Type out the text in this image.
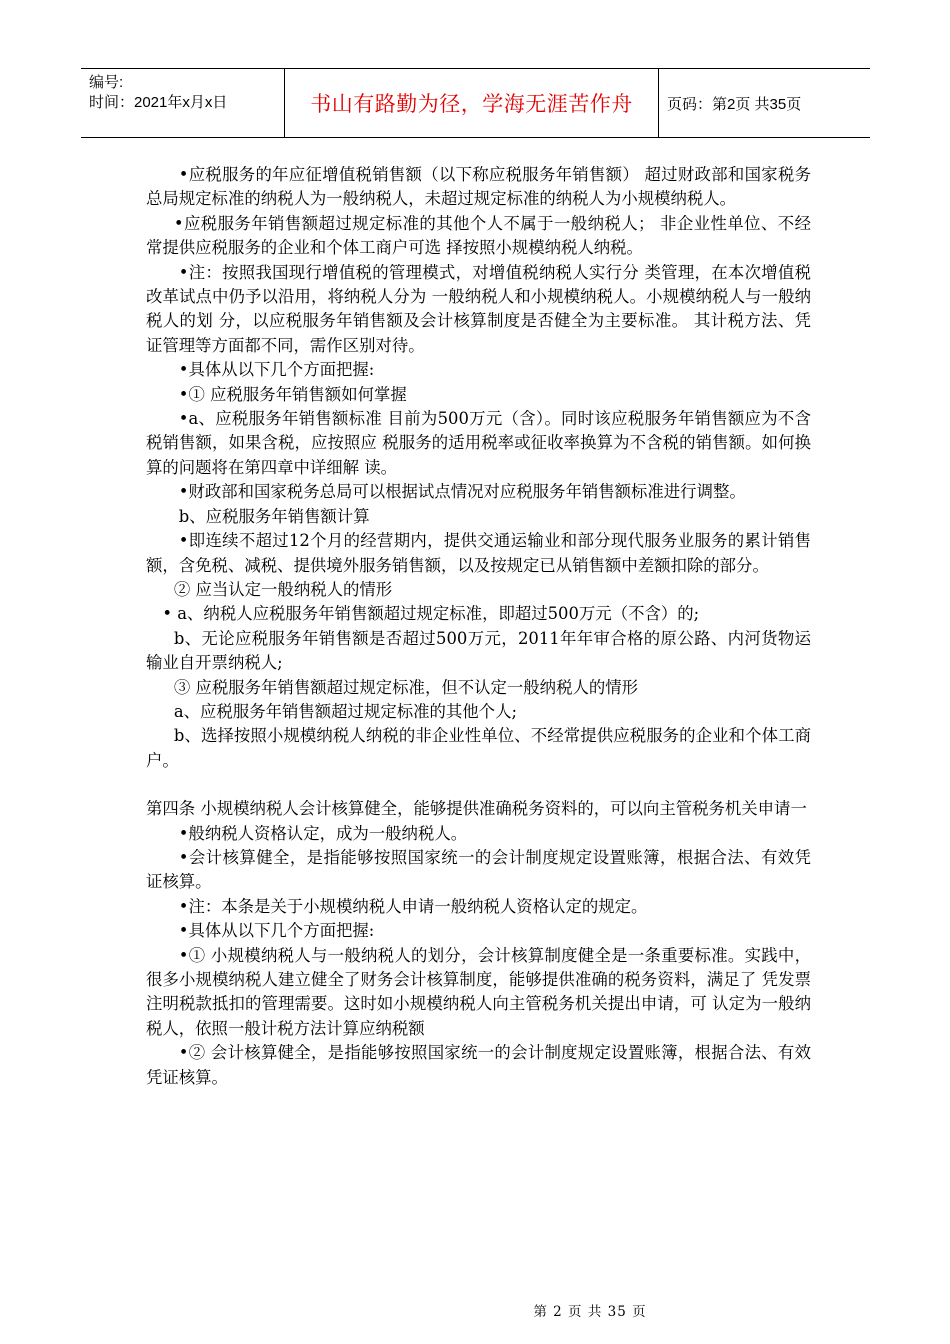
编号:
时间：2021年x月x日	书山有路勤为径，学海无涯苦作舟	页码：第2页 共35页

•应税服务的年应征增值税销售额（以下称应税服务年销售额） 超过财政部和国家税务总局规定标准的纳税人为一般纳税人，未超过规定标准的纳税人为小规模纳税人。

•应税服务年销售额超过规定标准的其他个人不属于一般纳税人； 非企业性单位、不经常提供应税服务的企业和个体工商户可选 择按照小规模纳税人纳税。

•注：按照我国现行增值税的管理模式，对增值税纳税人实行分 类管理，在本次增值税改革试点中仍予以沿用，将纳税人分为 一般纳税人和小规模纳税人。小规模纳税人与一般纳税人的划 分，以应税服务年销售额及会计核算制度是否健全为主要标准。 其计税方法、凭证管理等方面都不同，需作区别对待。

•具体从以下几个方面把握:

•① 应税服务年销售额如何掌握

•a、应税服务年销售额标准 目前为500万元（含）。同时该应税服务年销售额应为不含税销售额，如果含税，应按照应 税服务的适用税率或征收率换算为不含税的销售额。如何换算的问题将在第四章中详细解 读。

•财政部和国家税务总局可以根据试点情况对应税服务年销售额标准进行调整。

b、应税服务年销售额计算

•即连续不超过12个月的经营期内，提供交通运输业和部分现代服务业服务的累计销售额，含免税、减税、提供境外服务销售额，以及按规定已从销售额中差额扣除的部分。

② 应当认定一般纳税人的情形

• a、纳税人应税服务年销售额超过规定标准，即超过500万元（不含）的;

b、无论应税服务年销售额是否超过500万元，2011年年审合格的原公路、内河货物运输业自开票纳税人;

③ 应税服务年销售额超过规定标准，但不认定一般纳税人的情形

a、应税服务年销售额超过规定标准的其他个人;

b、选择按照小规模纳税人纳税的非企业性单位、不经常提供应税服务的企业和个体工商户。

第四条 小规模纳税人会计核算健全，能够提供准确税务资料的，可以向主管税务机关申请一

•般纳税人资格认定，成为一般纳税人。

•会计核算健全，是指能够按照国家统一的会计制度规定设置账簿，根据合法、有效凭证核算。

•注：本条是关于小规模纳税人申请一般纳税人资格认定的规定。

•具体从以下几个方面把握:

•① 小规模纳税人与一般纳税人的划分，会计核算制度健全是一条重要标准。实践中， 很多小规模纳税人建立健全了财务会计核算制度，能够提供准确的税务资料，满足了 凭发票注明税款抵扣的管理需要。这时如小规模纳税人向主管税务机关提出申请，可 认定为一般纳税人，依照一般计税方法计算应纳税额

•② 会计核算健全，是指能够按照国家统一的会计制度规定设置账簿，根据合法、有效 凭证核算。

第 2 页 共 35 页
